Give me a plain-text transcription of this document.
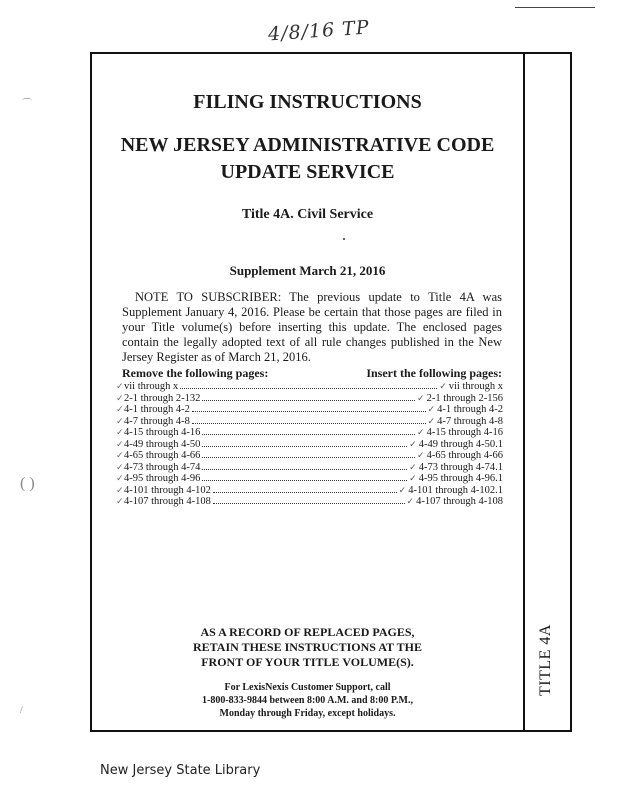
4/8/16 TP
⌒
( )
/
TITLE 4A
FILING INSTRUCTIONS
NEW JERSEY ADMINISTRATIVE CODE
UPDATE SERVICE
Title 4A. Civil Service
Supplement March 21, 2016
NOTE TO SUBSCRIBER: The previous update to Title 4A was Supplement January 4, 2016. Please be certain that those pages are filed in your Title volume(s) before inserting this update. The enclosed pages contain the legally adopted text of all rule changes published in the New Jersey Register as of March 21, 2016.
Remove the following pages:	Insert the following pages:
✓ vii through x	✓ vii through x
✓ 2-1 through 2-132	✓ 2-1 through 2-156
✓ 4-1 through 4-2	✓ 4-1 through 4-2
✓ 4-7 through 4-8	✓ 4-7 through 4-8
✓ 4-15 through 4-16	✓ 4-15 through 4-16
✓ 4-49 through 4-50	✓ 4-49 through 4-50.1
✓ 4-65 through 4-66	✓ 4-65 through 4-66
✓ 4-73 through 4-74	✓ 4-73 through 4-74.1
✓ 4-95 through 4-96	✓ 4-95 through 4-96.1
✓ 4-101 through 4-102	✓ 4-101 through 4-102.1
✓ 4-107 through 4-108	✓ 4-107 through 4-108
AS A RECORD OF REPLACED PAGES,
RETAIN THESE INSTRUCTIONS AT THE
FRONT OF YOUR TITLE VOLUME(S).
For LexisNexis Customer Support, call
1-800-833-9844 between 8:00 A.M. and 8:00 P.M.,
Monday through Friday, except holidays.
New Jersey State Library
